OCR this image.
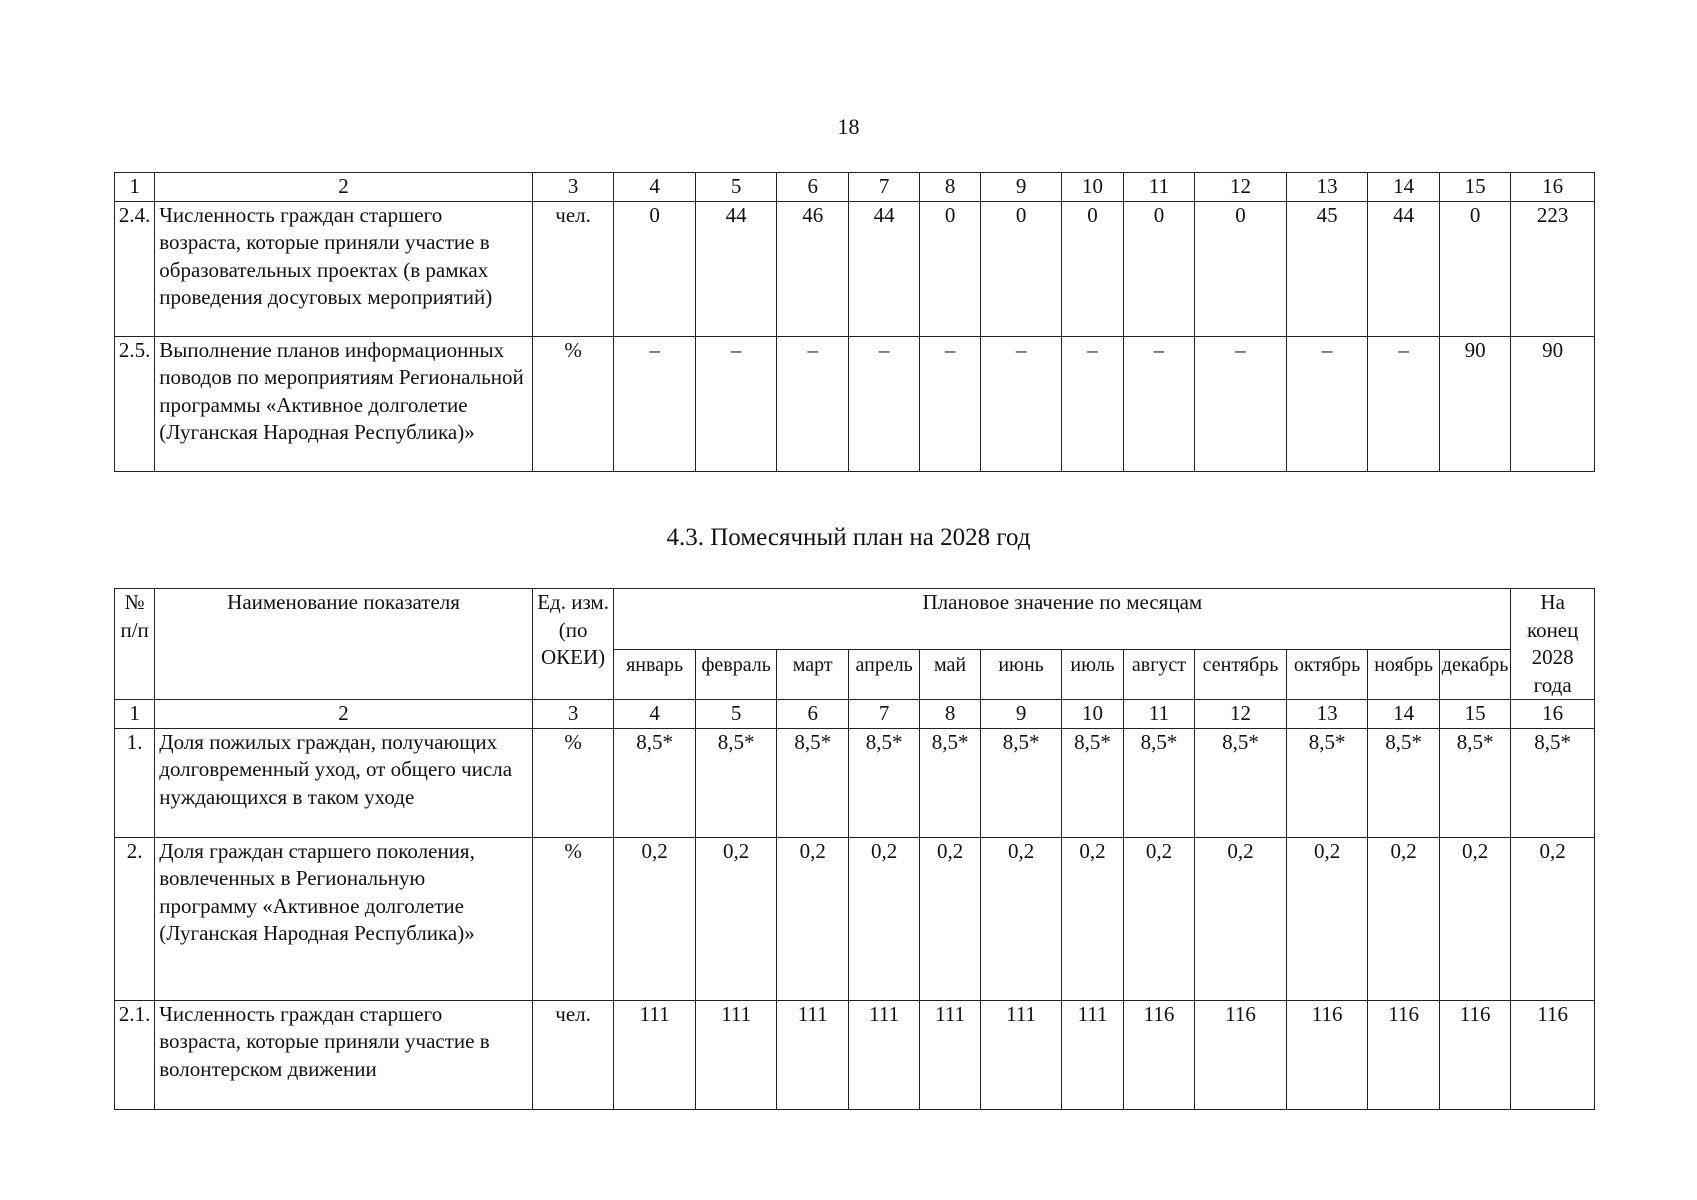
18
1	2	3	4	5	6	7	8	9	10	11	12	13	14	15	16
2.4.	Численность граждан старшего возраста, которые приняли участие в образовательных проектах (в рамках проведения досуговых мероприятий)	чел.	0	44	46	44	0	0	0	0	0	45	44	0	223
2.5.	Выполнение планов информационных поводов по мероприятиям Региональной программы «Активное долголетие (Луганская Народная Республика)»	%	–	–	–	–	–	–	–	–	–	–	–	90	90
4.3. Помесячный план на 2028 год
№ п/п	Наименование показателя	Ед. изм. (по ОКЕИ)	Плановое значение по месяцам												На конец 2028 года
			январь	февраль	март	апрель	май	июнь	июль	август	сентябрь	октябрь	ноябрь	декабрь	
1	2	3	4	5	6	7	8	9	10	11	12	13	14	15	16
1.	Доля пожилых граждан, получающих долговременный уход, от общего числа нуждающихся в таком уходе	%	8,5*	8,5*	8,5*	8,5*	8,5*	8,5*	8,5*	8,5*	8,5*	8,5*	8,5*	8,5*	8,5*
2.	Доля граждан старшего поколения, вовлеченных в Региональную программу «Активное долголетие (Луганская Народная Республика)»	%	0,2	0,2	0,2	0,2	0,2	0,2	0,2	0,2	0,2	0,2	0,2	0,2	0,2
2.1.	Численность граждан старшего возраста, которые приняли участие в волонтерском движении	чел.	111	111	111	111	111	111	111	116	116	116	116	116	116
